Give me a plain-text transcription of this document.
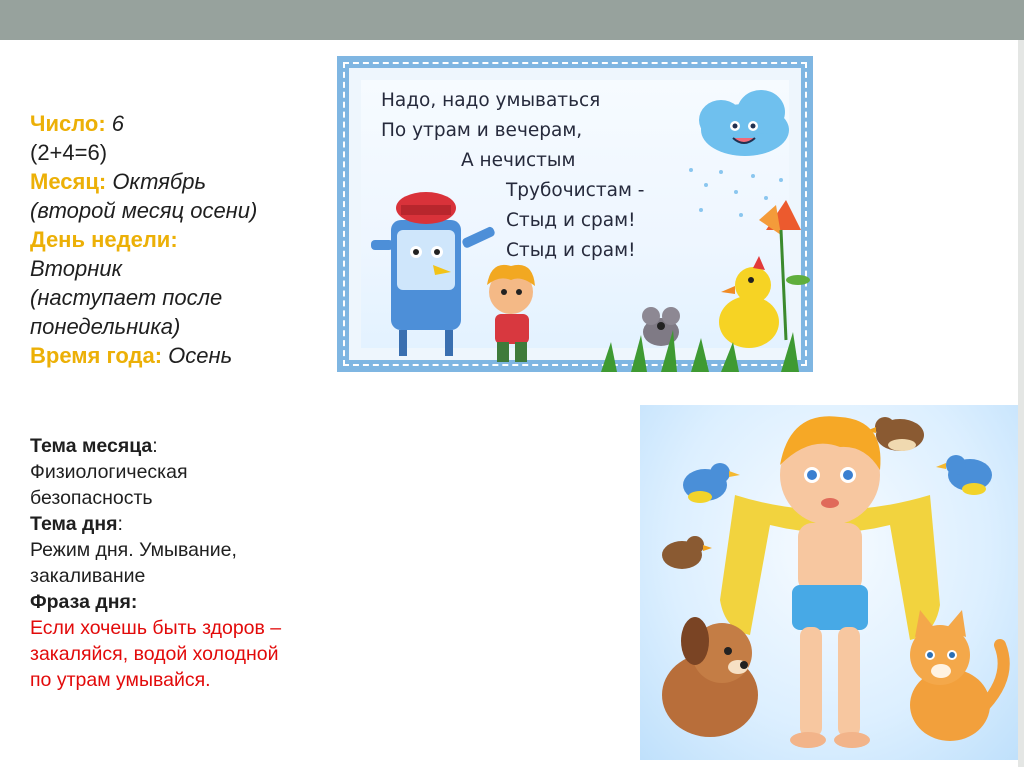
Число: 6
(2+4=6)
Месяц: Октябрь
(второй месяц осени)
День недели:
Вторник
(наступает после
понедельника)
Время года: Осень
Тема месяца:
Физиологическая
безопасность
Тема дня:
Режим дня. Умывание,
закаливание
Фраза дня:
Если хочешь быть здоров –
закаляйся, водой холодной
по утрам умывайся.
Надо, надо умываться
По утрам и вечерам,
А нечистым
Трубочистам -
Стыд и срам!
Стыд и срам!
